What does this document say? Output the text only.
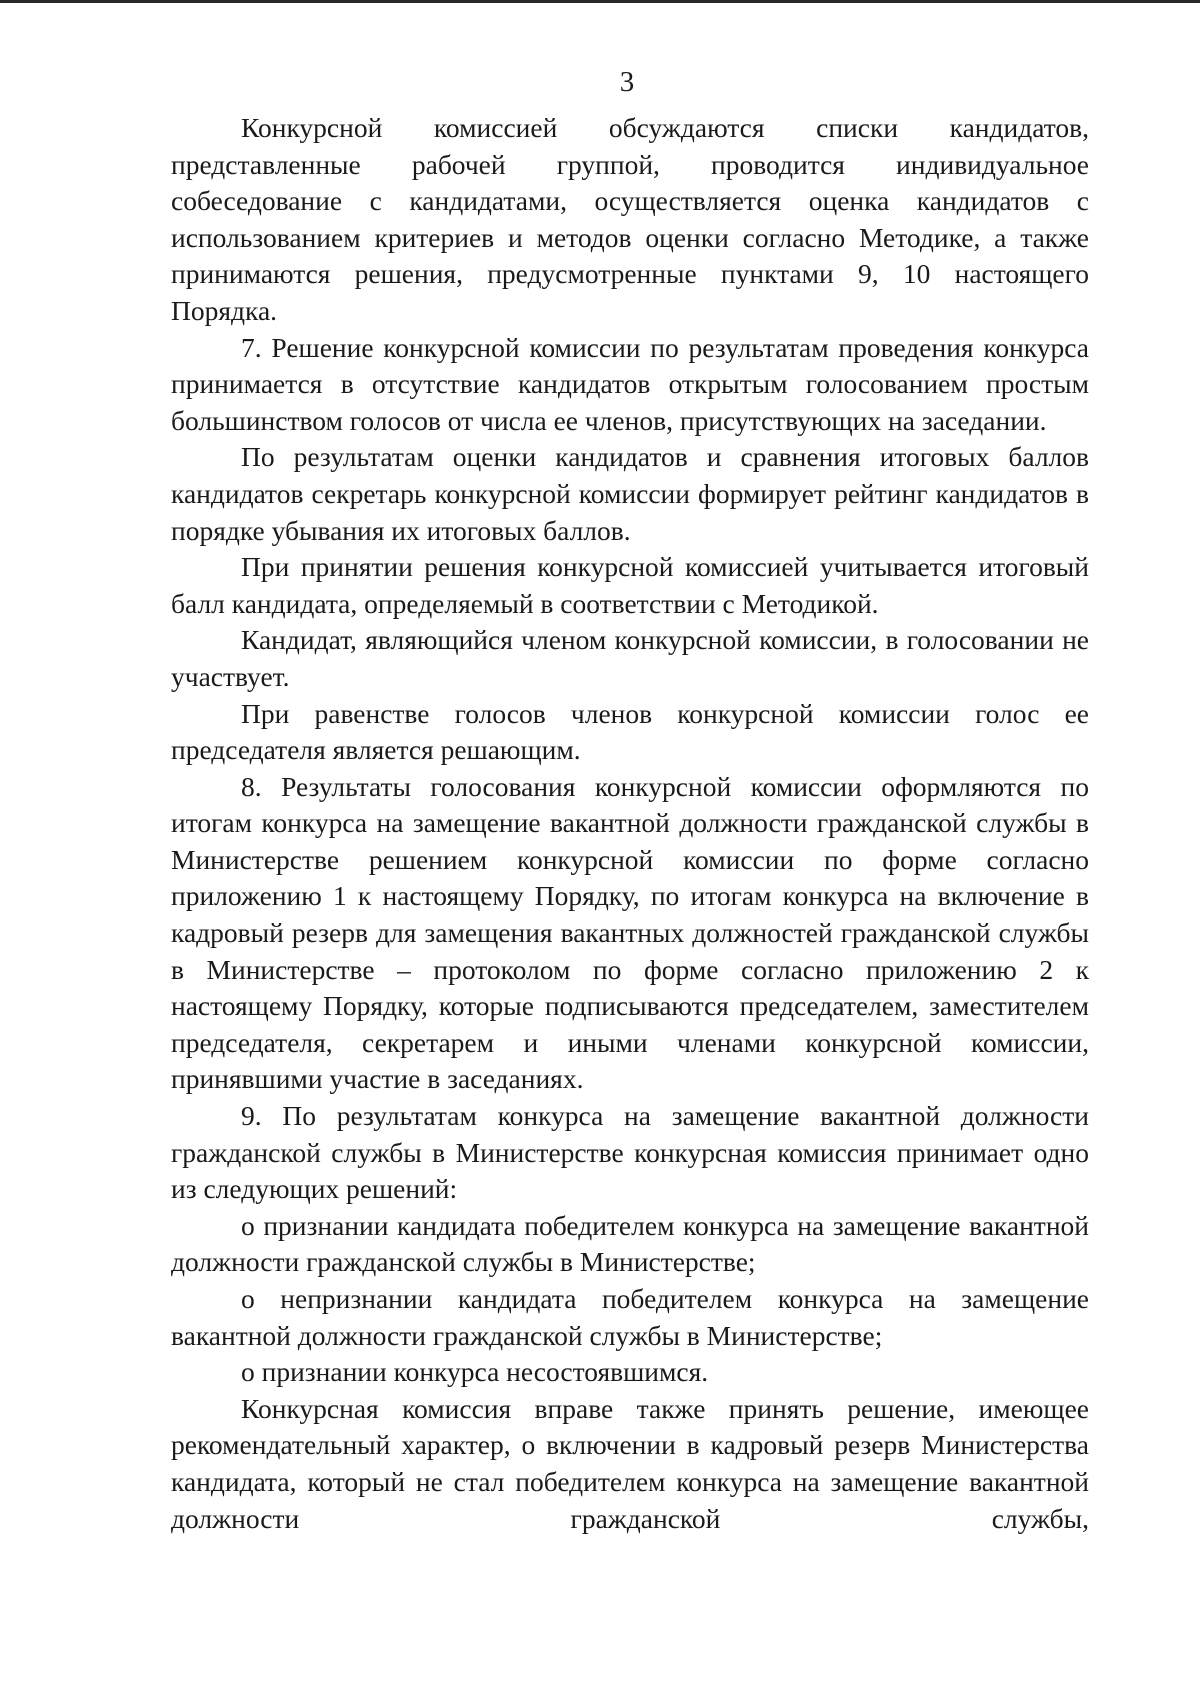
3

Конкурсной комиссией обсуждаются списки кандидатов, представленные рабочей группой, проводится индивидуальное собеседование с кандидатами, осуществляется оценка кандидатов с использованием критериев и методов оценки согласно Методике, а также принимаются решения, предусмотренные пунктами 9, 10 настоящего Порядка.

7. Решение конкурсной комиссии по результатам проведения конкурса принимается в отсутствие кандидатов открытым голосованием простым большинством голосов от числа ее членов, присутствующих на заседании.

По результатам оценки кандидатов и сравнения итоговых баллов кандидатов секретарь конкурсной комиссии формирует рейтинг кандидатов в порядке убывания их итоговых баллов.

При принятии решения конкурсной комиссией учитывается итоговый балл кандидата, определяемый в соответствии с Методикой.

Кандидат, являющийся членом конкурсной комиссии, в голосовании не участвует.

При равенстве голосов членов конкурсной комиссии голос ее председателя является решающим.

8. Результаты голосования конкурсной комиссии оформляются по итогам конкурса на замещение вакантной должности гражданской службы в Министерстве решением конкурсной комиссии по форме согласно приложению 1 к настоящему Порядку, по итогам конкурса на включение в кадровый резерв для замещения вакантных должностей гражданской службы в Министерстве – протоколом по форме согласно приложению 2 к настоящему Порядку, которые подписываются председателем, заместителем председателя, секретарем и иными членами конкурсной комиссии, принявшими участие в заседаниях.

9. По результатам конкурса на замещение вакантной должности гражданской службы в Министерстве конкурсная комиссия принимает одно из следующих решений:

о признании кандидата победителем конкурса на замещение вакантной должности гражданской службы в Министерстве;

о непризнании кандидата победителем конкурса на замещение вакантной должности гражданской службы в Министерстве;

о признании конкурса несостоявшимся.

Конкурсная комиссия вправе также принять решение, имеющее рекомендательный характер, о включении в кадровый резерв Министерства кандидата, который не стал победителем конкурса на замещение вакантной должности гражданской службы,
